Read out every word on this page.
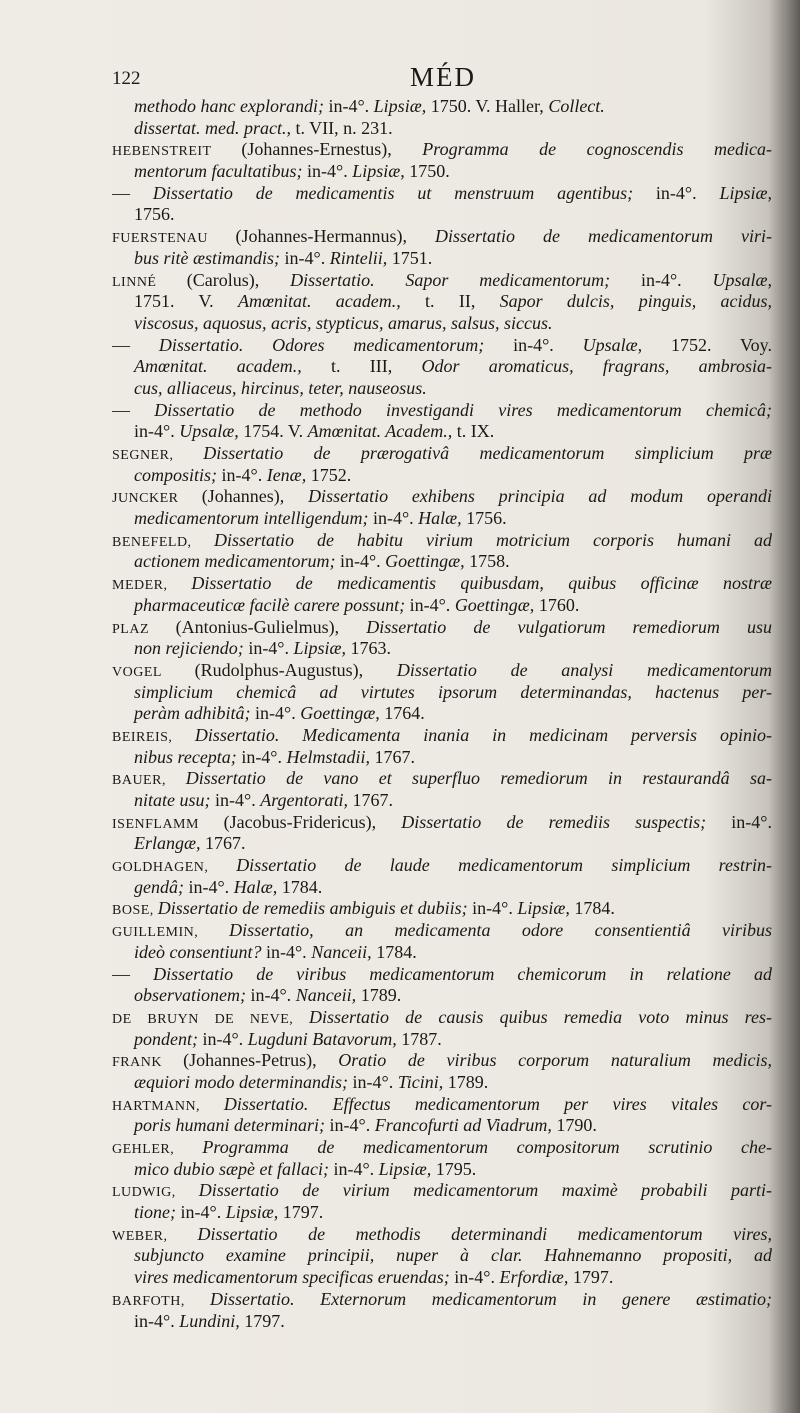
122	MÉD
methodo hanc explorandi; in-4°. Lipsiæ, 1750. V. Haller, Collect.
dissertat. med. pract., t. VII, n. 231.
HEBENSTREIT (Johannes-Ernestus), Programma de cognoscendis medica-
mentorum facultatibus; in-4°. Lipsiæ, 1750.
— Dissertatio de medicamentis ut menstruum agentibus; in-4°. Lipsiæ,
1756.
FUERSTENAU (Johannes-Hermannus), Dissertatio de medicamentorum viri-
bus ritè æstimandis; in-4°. Rintelii, 1751.
LINNÉ (Carolus), Dissertatio. Sapor medicamentorum; in-4°. Upsalæ,
1751. V. Amœnitat. academ., t. II, Sapor dulcis, pinguis, acidus,
viscosus, aquosus, acris, stypticus, amarus, salsus, siccus.
— Dissertatio. Odores medicamentorum; in-4°. Upsalæ, 1752. Voy.
Amœnitat. academ., t. III, Odor aromaticus, fragrans, ambrosia-
cus, alliaceus, hircinus, teter, nauseosus.
— Dissertatio de methodo investigandi vires medicamentorum chemicâ;
in-4°. Upsalæ, 1754. V. Amœnitat. Academ., t. IX.
SEGNER, Dissertatio de prærogativâ medicamentorum simplicium præ
compositis; in-4°. Ienæ, 1752.
JUNCKER (Johannes), Dissertatio exhibens principia ad modum operandi
medicamentorum intelligendum; in-4°. Halæ, 1756.
BENEFELD, Dissertatio de habitu virium motricium corporis humani ad
actionem medicamentorum; in-4°. Goettingæ, 1758.
MEDER, Dissertatio de medicamentis quibusdam, quibus officinæ nostræ
pharmaceuticæ facilè carere possunt; in-4°. Goettingæ, 1760.
PLAZ (Antonius-Gulielmus), Dissertatio de vulgatiorum remediorum usu
non rejiciendo; in-4°. Lipsiæ, 1763.
VOGEL (Rudolphus-Augustus), Dissertatio de analysi medicamentorum
simplicium chemicâ ad virtutes ipsorum determinandas, hactenus per-
peràm adhibitâ; in-4°. Goettingæ, 1764.
BEIREIS, Dissertatio. Medicamenta inania in medicinam perversis opinio-
nibus recepta; in-4°. Helmstadii, 1767.
BAUER, Dissertatio de vano et superfluo remediorum in restaurandâ sa-
nitate usu; in-4°. Argentorati, 1767.
ISENFLAMM (Jacobus-Fridericus), Dissertatio de remediis suspectis; in-4°.
Erlangæ, 1767.
GOLDHAGEN, Dissertatio de laude medicamentorum simplicium restrin-
gendâ; in-4°. Halæ, 1784.
BOSE, Dissertatio de remediis ambiguis et dubiis; in-4°. Lipsiæ, 1784.
GUILLEMIN, Dissertatio, an medicamenta odore consentientiâ viribus
ideò consentiunt? in-4°. Nanceii, 1784.
— Dissertatio de viribus medicamentorum chemicorum in relatione ad
observationem; in-4°. Nanceii, 1789.
DE BRUYN DE NEVE, Dissertatio de causis quibus remedia voto minus res-
pondent; in-4°. Lugduni Batavorum, 1787.
FRANK (Johannes-Petrus), Oratio de viribus corporum naturalium medicis,
æquiori modo determinandis; in-4°. Ticini, 1789.
HARTMANN, Dissertatio. Effectus medicamentorum per vires vitales cor-
poris humani determinari; in-4°. Francofurti ad Viadrum, 1790.
GEHLER, Programma de medicamentorum compositorum scrutinio che-
mico dubio sæpè et fallaci; in-4°. Lipsiæ, 1795.
LUDWIG, Dissertatio de virium medicamentorum maximè probabili parti-
tione; in-4°. Lipsiæ, 1797.
WEBER, Dissertatio de methodis determinandi medicamentorum vires,
subjuncto examine principii, nuper à clar. Hahnemanno propositi, ad
vires medicamentorum specificas eruendas; in-4°. Erfordiæ, 1797.
BARFOTH, Dissertatio. Externorum medicamentorum in genere æstimatio;
in-4°. Lundini, 1797.
